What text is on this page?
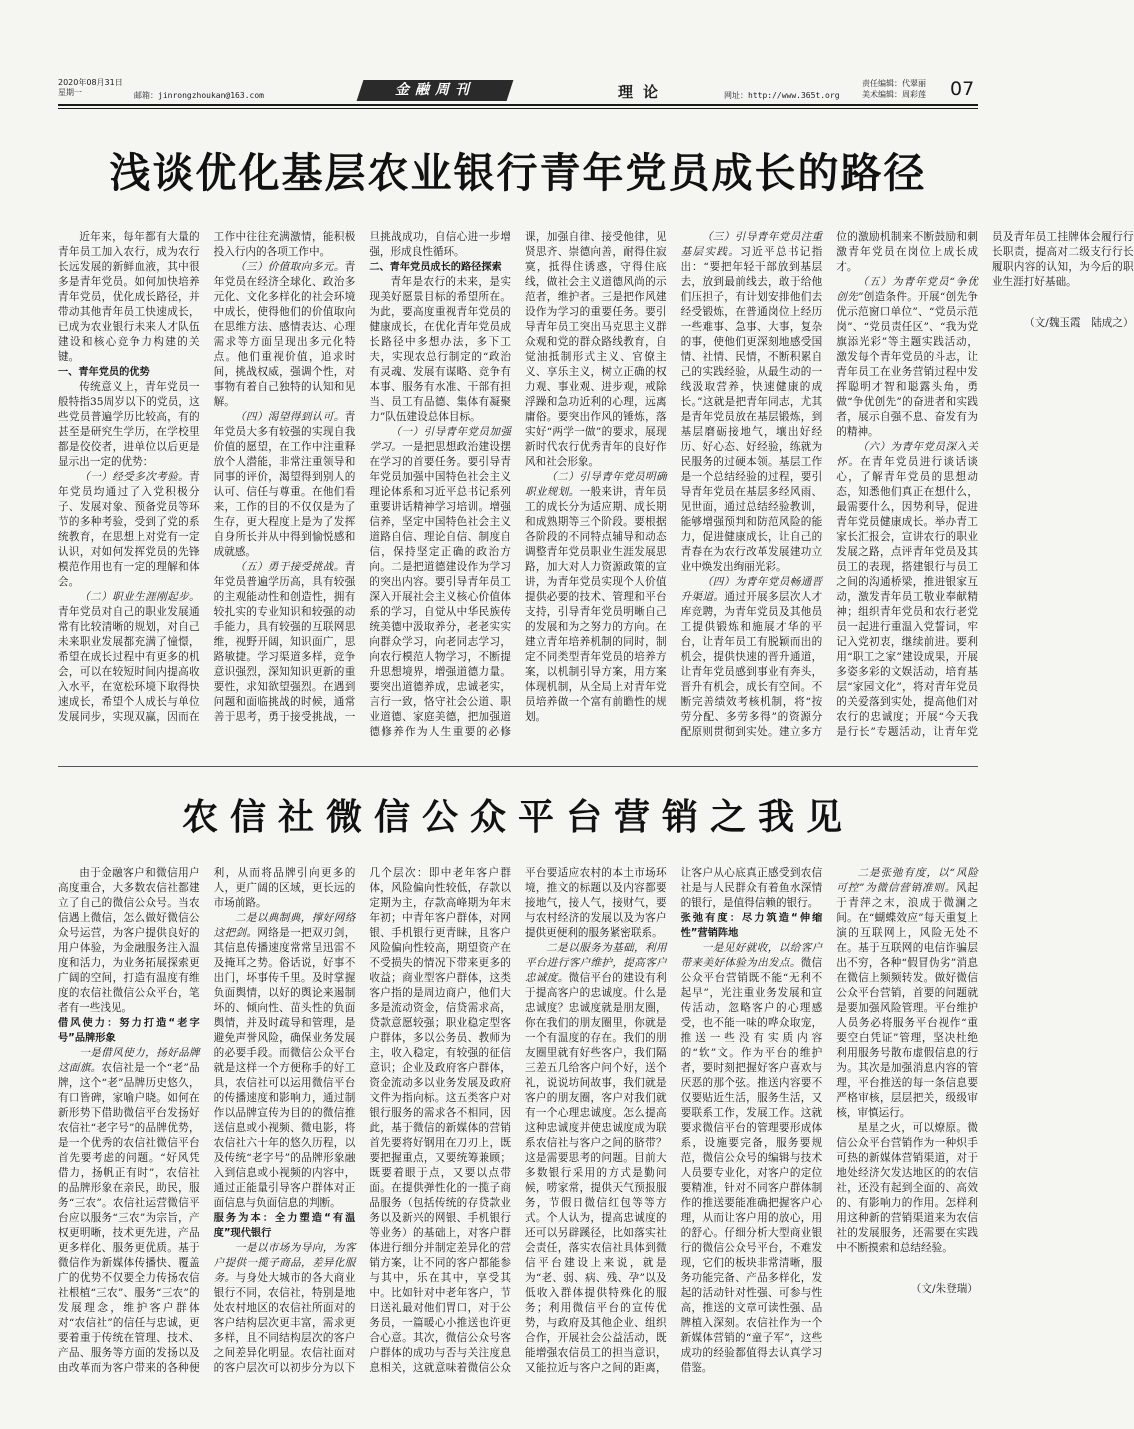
2020年08月31日
星期一	邮箱：jinrongzhoukan@163.com	金融周刊	理论	网址：http://www.365t.org
责任编辑：代翠丽
美术编辑：周彩莲 07
浅谈优化基层农业银行青年党员成长的路径

近年来，每年都有大量的青年员工加入农行，成为农行长远发展的新鲜血液，其中很多是青年党员。如何加快培养青年党员，优化成长路径，并带动其他青年员工快速成长，已成为农业银行未来人才队伍建设和核心竞争力构建的关键。

一、青年党员的优势

传统意义上，青年党员一般特指35周岁以下的党员，这些党员普遍学历比较高，有的甚至是研究生学历，在学校里都是佼佼者，进单位以后更是显示出一定的优势：

（一）经受多次考验。青年党员均通过了入党积极分子、发展对象、预备党员等环节的多种考验，受到了党的系统教育，在思想上对党有一定认识，对如何发挥党员的先锋模范作用也有一定的理解和体会。

（二）职业生涯刚起步。青年党员对自己的职业发展通常有比较清晰的规划，对自己未来职业发展都充满了憧憬，希望在成长过程中有更多的机会，可以在较短时间内提高收入水平，在宽松环境下取得快速成长，希望个人成长与单位发展同步，实现双赢，因而在工作中往往充满激情，能积极投入行内的各项工作中。

（三）价值取向多元。青年党员在经济全球化、政治多元化、文化多样化的社会环境中成长，使得他们的价值取向在思维方法、感情表达、心理需求等方面呈现出多元化特点。他们重视价值，追求时间，挑战权威，强调个性，对事物有着自己独特的认知和见解。

（四）渴望得到认可。青年党员大多有较强的实现自我价值的愿望，在工作中注重释放个人潜能，非常注重领导和同事的评价，渴望得到别人的认可、信任与尊重。在他们看来，工作的目的不仅仅是为了生存，更大程度上是为了发挥自身所长并从中得到愉悦感和成就感。

（五）勇于接受挑战。青年党员普遍学历高，具有较强的主观能动性和创造性，拥有较扎实的专业知识和较强的动手能力，具有较强的互联网思维，视野开阔，知识面广，思路敏捷。学习渠道多样，竞争意识强烈，深知知识更新的重要性，求知欲望强烈。在遇到问题和面临挑战的时候，通常善于思考，勇于接受挑战，一旦挑战成功，自信心进一步增强，形成良性循环。

二、青年党员成长的路径探索

青年是农行的未来，是实现美好愿景目标的希望所在。为此，要高度重视青年党员的健康成长，在优化青年党员成长路径中多想办法，多下工夫，实现农总行制定的“政治有灵魂、发展有谋略、竞争有本事、服务有水准、干部有担当、员工有品德、集体有凝聚力”队伍建设总体目标。

（一）引导青年党员加强学习。一是把思想政治建设摆在学习的首要任务。要引导青年党员加强中国特色社会主义理论体系和习近平总书记系列重要讲话精神学习培训。增强信养，坚定中国特色社会主义道路自信、理论自信、制度自信，保持坚定正确的政治方向。二是把道德建设作为学习的突出内容。要引导青年员工深入开展社会主义核心价值体系的学习，自觉从中华民族传统美德中汲取养分，老老实实向群众学习，向老同志学习，向农行模范人物学习，不断提升思想境界，增强道德力量。要突出道德养成，忠诚老实，言行一致，恪守社会公道、职业道德、家庭美德，把加强道德修养作为人生重要的必修课，加强自律、接受他律，见贤思齐、崇德向善，耐得住寂寞，抵得住诱惑，守得住底线，做社会主义道德风尚的示范者，维护者。三是把作风建设作为学习的重要任务。要引导青年员工突出马克思主义群众观和党的群众路线教育，自觉油抵制形式主义、官僚主义、享乐主义，树立正确的权力观、事业观、进步观，戒除浮躁和急功近利的心理，远离庸俗。要突出作风的锤炼，落实好“两学一做”的要求，展现新时代农行优秀青年的良好作风和社会形象。

（二）引导青年党员明确职业规划。一般来讲，青年员工的成长分为适应期、成长期和成熟期等三个阶段。要根据各阶段的不同特点辅导和动态调整青年党员职业生涯发展思路，加大对人力资源政策的宣讲，为青年党员实现个人价值提供必要的技术、管理和平台支持，引导青年党员明晰自己的发展和为之努力的方向。在建立青年培养机制的同时，制定不同类型青年党员的培养方案，以机制引导方案，用方案体现机制，从全局上对青年党员培养做一个富有前瞻性的规划。

（三）引导青年党员注重基层实践。习近平总书记指出：“要把年轻干部放到基层去，放到最前线去，敢于给他们压担子，有计划安排他们去经受锻炼，在普通岗位上经历一些难事、急事、大事，复杂的事，使他们更深刻地感受国情、社情、民情，不断积累自己的实践经验，从最生动的一线汲取营养，快速健康的成长。”这就是把青年同志，尤其是青年党员放在基层锻炼，到基层磨砺接地气，壤出好经历、好心态、好经验，练就为民服务的过硬本领。基层工作是一个总结经验的过程，要引导青年党员在基层多经风雨、见世面，通过总结经验教训，能够增强预判和防范风险的能力，促进健康成长，让自己的青春在为农行改革发展建功立业中焕发出绚丽光彩。

（四）为青年党员畅通晋升渠道。通过开展多层次人才库竞聘，为青年党员及其他员工提供锻炼和施展才华的平台，让青年员工有脱颖而出的机会，提供快速的晋升通道，让青年党员感到事业有奔头，晋升有机会，成长有空间。不断完善绩效考核机制，将“按劳分配、多劳多得”的资源分配原则贯彻到实处。建立多方位的激励机制来不断鼓励和刺激青年党员在岗位上成长成才。

（五）为青年党员“争优创先”创造条件。开展“创先争优示范窗口单位”、“党员示范岗”、“党员责任区”、“我为党旗添光彩”等主题实践活动，激发每个青年党员的斗志，让青年员工在业务营销过程中发挥聪明才智和聪露头角，勇做“争优创先”的奋进者和实践者，展示自强不息、奋发有为的精神。

（六）为青年党员深入关怀。在青年党员进行谈话谈心，了解青年党员的思想动态，知悉他们真正在想什么，最需要什么，因势利导，促进青年党员健康成长。举办青工家长汇报会，宣讲农行的职业发展之路，点评青年党员及其员工的表现，搭建银行与员工之间的沟通桥梁，推进银家互动，激发青年员工敬业奉献精神；组织青年党员和农行老党员一起进行重温入党誓词，牢记入党初衷，继续前进。要利用“职工之家”建设成果，开展多姿多彩的文娱活动，培育基层“家园文化”，将对青年党员的关爱落到实处，提高他们对农行的忠诚度；开展“今天我是行长”专题活动，让青年党员及青年员工挂牌体会履行行长职责，提高对二级支行行长履职内容的认知，为今后的职业生涯打好基础。

（文/魏玉霞　陆成之）

农信社微信公众平台营销之我见

由于金融客户和微信用户高度重合，大多数农信社都建立了自己的微信公众号。当农信遇上微信，怎么做好微信公众号运营，为客户提供良好的用户体验，为金融服务注入温度和活力，为业务拓展探索更广阔的空间，打造有温度有维度的农信社微信公众平台，笔者有一些浅见。

借风使力：努力打造“老字号”品牌形象

一是借风使力，扬好品牌这面旗。农信社是一个“老”品牌，这个“老”品牌历史悠久，有口皆碑，家喻户晓。如何在新形势下借助微信平台发扬好农信社“老字号”的品牌优势，是一个优秀的农信社微信平台首先要考虑的问题。“好风凭借力，扬帆正有时”，农信社的品牌形象在亲民，助民，服务“三农”。农信社运营微信平台应以服务“三农”为宗旨，产权更明晰，技术更先进，产品更多样化、服务更优质。基于微信作为新媒体传播快、覆盖广的优势不仅要全力传扬农信社根植“三农”、服务“三农”的发展理念，维护客户群体对“农信社”的信任与忠诚，更要着重于传统在管理、技术、产品、服务等方面的发扬以及由改革而为客户带来的各种便利，从而将品牌引向更多的人，更广阔的区域，更长远的市场前路。

二是以典制典，撑好网络这把剑。网络是一把双刃剑，其信息传播速度常常呈迅雷不及掩耳之势。俗话说，好事不出门，坏事传千里。及时掌握负面舆情，以好的舆论来遏制坏的、倾向性、苗头性的负面舆情，并及时疏导和管理，是避免声誉风险，确保业务发展的必要手段。而微信公众平台就是这样一个方便称手的好工具，农信社可以运用微信平台的传播速度和影响力，通过制作以品牌宣传为目的的微信推送信息或小视频、微电影，将农信社六十年的悠久历程，以及传统“老字号”的品牌形象融入到信息或小视频的内容中，通过正能量引导客户群体对正面信息与负面信息的判断。

服务为本：全力塑造“有温度”现代银行

一是以市场为导向，为客户提供一揽子商品，差异化服务。与身处大城市的各大商业银行不同，农信社，特别是地处农村地区的农信社所面对的客户结构层次更丰富，需求更多样，且不同结构层次的客户之间差异化明显。农信社面对的客户层次可以初步分为以下几个层次：即中老年客户群体，风险偏向性较低，存款以定期为主，存款高峰期为年末年初；中青年客户群体，对网银、手机银行更青睐，且客户风险偏向性较高，期望资产在不受损失的情况下带来更多的收益；商业型客户群体，这类客户指的是周边商户，他们大多是流动资金，信贷需求高，贷款意愿较强；职业稳定型客户群体，多以公务员、教师为主，收入稳定，有较强的征信意识；企业及政府客户群体，资金流动多以业务发展及政府文件为指向标。这五类客户对银行服务的需求各不相同，因此，基于微信的新媒体的营销首先要将好钢用在刀刃上，既要把握重点，又要统筹兼顾；既要着眼于点，又要以点带面。在提供弹性化的一揽子商品服务（包括传统的存贷款业务以及新兴的网银、手机银行等业务）的基础上，对客户群体进行细分并制定差异化的营销方案，让不同的客户都能参与其中，乐在其中，享受其中。比如针对中老年客户，节日送礼最对他们胃口，对于公务员，一篇暖心小推送也许更合心意。其次，微信公众号客户群体的成功与否与关注度息息相关，这就意味着微信公众平台要适应农村的本土市场环境，推文的标题以及内容都要接地气，接人气，接财气，要与农村经济的发展以及为客户提供更便利的服务紧密联系。

二是以服务为基础，利用平台进行客户维护，提高客户忠诚度。微信平台的建设有利于提高客户的忠诚度。什么是忠诚度？忠诚度就是朋友圈，你在我们的朋友圈里，你就是一个有温度的存在。我们的朋友圈里就有好些客户，我们隔三差五几给客户问个好，送个礼，说说坊间故事，我们就是客户的朋友圈，客户对我们就有一个心理忠诚度。怎么提高这种忠诚度并使忠诚度成为联系农信社与客户之间的脐带？这是需要思考的问题。目前大多数银行采用的方式是勤问候，唠家常，提供天气预报服务，节假日微信红包等等方式。个人认为，提高忠诚度的还可以另辟蹊径，比如落实社会责任，落实农信社具体到微信平台建设上来说，就是为“老、弱、病、残、孕”以及低收入群体提供特殊化的服务；利用微信平台的宣传优势，与政府及其他企业、组织合作，开展社会公益活动，既能增强农信员工的担当意识，又能拉近与客户之间的距离，让客户从心底真正感受到农信社是与人民群众有着鱼水深情的银行，是值得信赖的银行。

张弛有度：尽力筑造“伸缩性”营销阵地

一是见好就收，以给客户带来美好体验为出发点。微信公众平台营销既不能“无利不起早”，光注重业务发展和宣传活动，忽略客户的心理感受，也不能一味的哗众取宠，推送一些没有实质内容的“软”文。作为平台的维护者，要时刻把握好客户喜欢与厌恶的那个弦。推送内容要不仅要贴近生活，服务生活，又要联系工作，发展工作。这就要求微信平台的管理要形成体系，设施要完备，服务要规范，微信公众号的编辑与技术人员要专业化，对客户的定位要精准，针对不同客户群体制作的推送要能准确把握客户心理，从而让客户用的放心，用的舒心。仔细分析大型商业银行的微信公众号平台，不难发现，它们的板块非常清晰，服务功能完备、产品多样化，发起的活动针对性强、可参与性高，推送的文章可读性强、品牌植入深刻。农信社作为一个新媒体营销的“童子军”，这些成功的经验都值得去认真学习借鉴。

二是张弛有度，以“风险可控”为微信营销准则。风起于青萍之末，浪成于微澜之间。在“蝴蝶效应”每天重复上演的互联网上，风险无处不在。基于互联网的电信诈骗层出不穷，各种“假冒伪劣”消息在微信上频频转发。做好微信公众平台营销，首要的问题就是要加强风险管理。平台维护人员务必将服务平台视作“重要空白凭证”管理，坚决杜绝利用服务号散布虚假信息的行为。其次是加强消息内容的管理，平台推送的每一条信息要严格审核，层层把关，级级审核，审慎运行。

星星之火，可以燎原。微信公众平台营销作为一种炽手可热的新媒体营销渠道，对于地处经济欠发达地区的的农信社，还没有起到全面的、高效的、有影响力的作用。怎样利用这种新的营销渠道来为农信社的发展服务，还需要在实践中不断摸索和总结经验。

（文/朱登瑞）
